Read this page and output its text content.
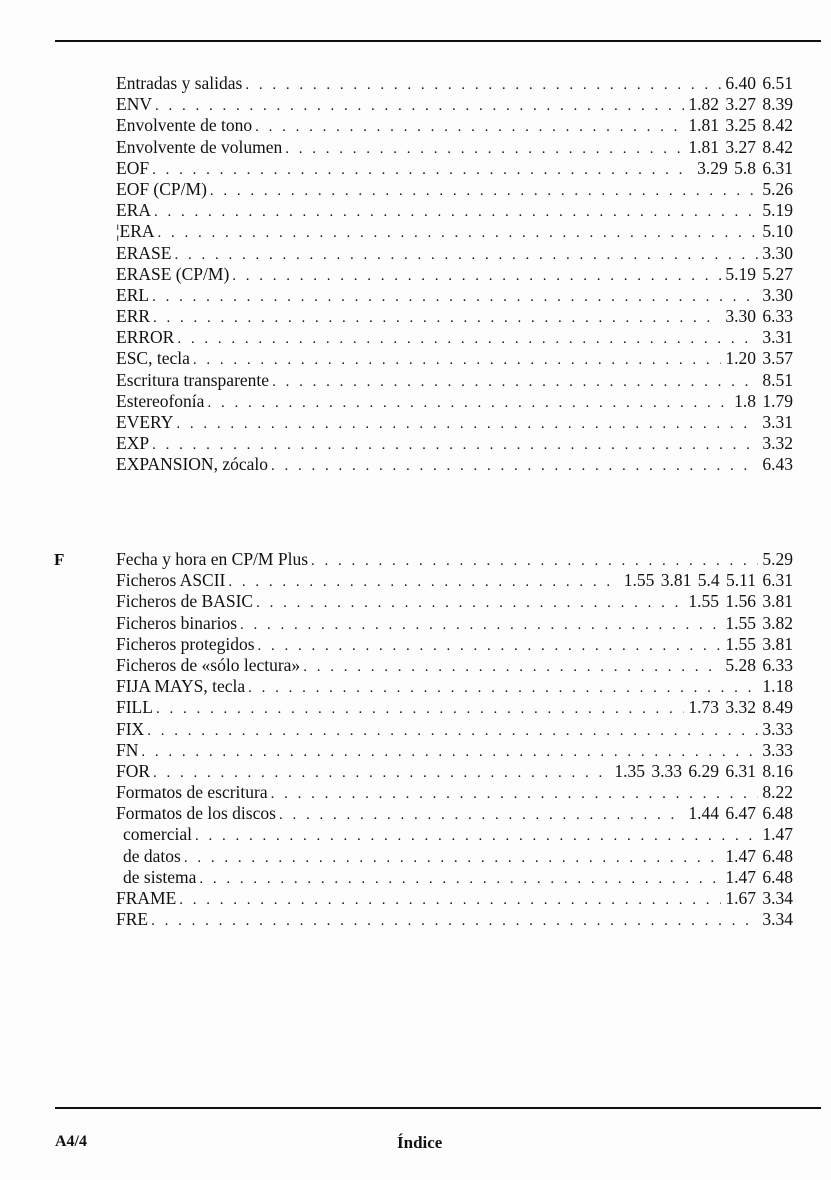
Entradas y salidas . . .	6.40 6.51
ENV . . .	1.82 3.27 8.39
Envolvente de tono . . .	1.81 3.25 8.42
Envolvente de volumen . . .	1.81 3.27 8.42
EOF . . .	3.29 5.8 6.31
EOF (CP/M) . . .	5.26
ERA . . .	5.19
¦ERA . . .	5.10
ERASE . . .	3.30
ERASE (CP/M) . . .	5.19 5.27
ERL . . .	3.30
ERR . . .	3.30 6.33
ERROR . . .	3.31
ESC, tecla . . .	1.20 3.57
Escritura transparente . . .	8.51
Estereofonía . . .	1.8 1.79
EVERY . . .	3.31
EXP . . .	3.32
EXPANSION, zócalo . . .	6.43
F	Fecha y hora en CP/M Plus . . .	5.29
Ficheros ASCII . . .	1.55 3.81 5.4 5.11 6.31
Ficheros de BASIC . . .	1.55 1.56 3.81
Ficheros binarios . . .	1.55 3.82
Ficheros protegidos . . .	1.55 3.81
Ficheros de «sólo lectura» . . .	5.28 6.33
FIJA MAYS, tecla . . .	1.18
FILL . . .	1.73 3.32 8.49
FIX . . .	3.33
FN . . .	3.33
FOR . . .	1.35 3.33 6.29 6.31 8.16
Formatos de escritura . . .	8.22
Formatos de los discos . . .	1.44 6.47 6.48
comercial . . .	1.47
de datos . . .	1.47 6.48
de sistema . . .	1.47 6.48
FRAME . . .	1.67 3.34
FRE . . .	3.34
A4/4	Índice
